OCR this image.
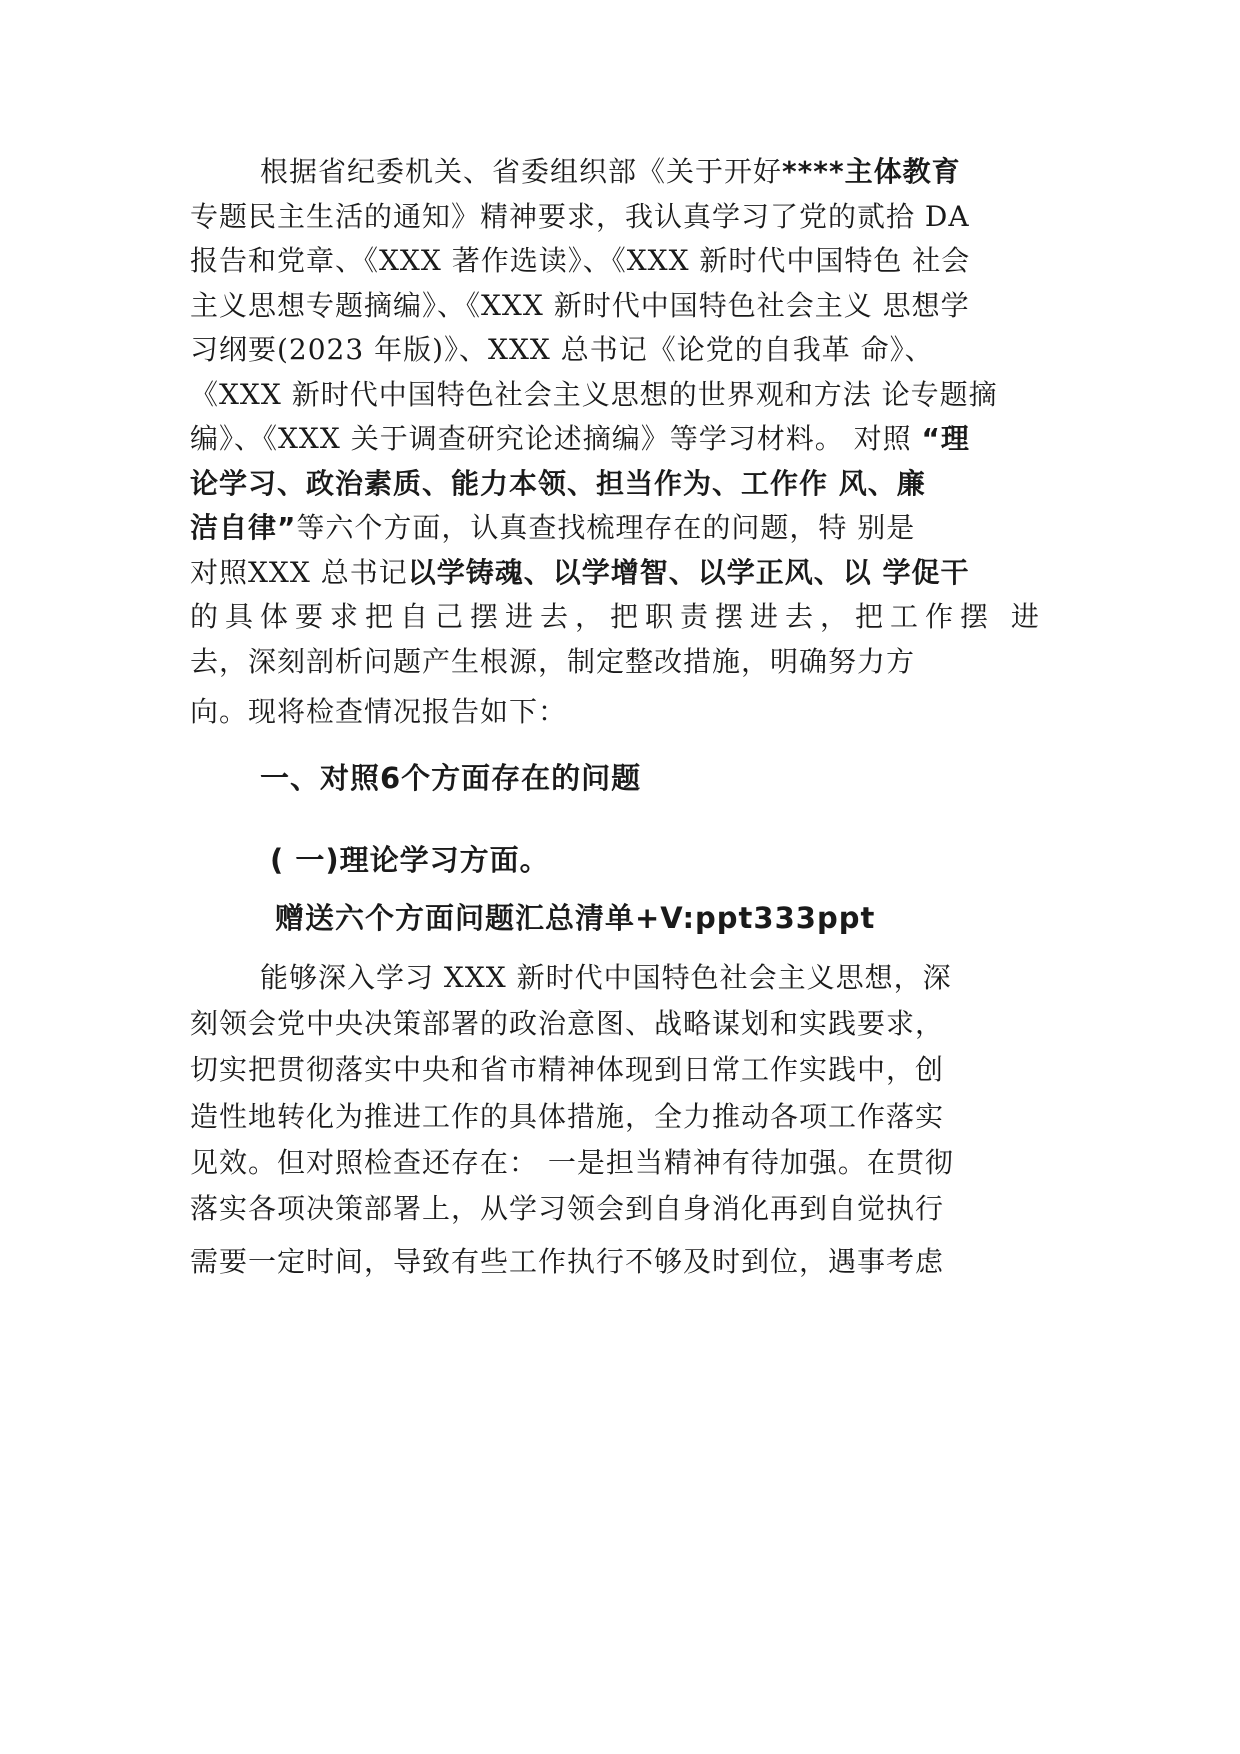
根据省纪委机关、省委组织部《关于开好****主体教育
专题民主生活的通知》精神要求，我认真学习了党的贰拾 DA
报告和党章、《XXX 著作选读》、《XXX 新时代中国特色 社会
主义思想专题摘编》、《XXX 新时代中国特色社会主义 思想学
习纲要(2023 年版)》、XXX 总书记《论党的自我革 命》、
《XXX 新时代中国特色社会主义思想的世界观和方法 论专题摘
编》、《XXX 关于调查研究论述摘编》等学习材料。 对照 “理
论学习、政治素质、能力本领、担当作为、工作作 风、廉
洁自律”等六个方面，认真查找梳理存在的问题，特 别是
对照XXX 总书记以学铸魂、以学增智、以学正风、以 学促干
的具体要求把自己摆进去，把职责摆进去，把工作摆 进
去，深刻剖析问题产生根源，制定整改措施，明确努力方
向。现将检查情况报告如下：
一、对照6个方面存在的问题
( 一)理论学习方面。
赠送六个方面问题汇总清单+V:ppt333ppt
能够深入学习 XXX 新时代中国特色社会主义思想，深
刻领会党中央决策部署的政治意图、战略谋划和实践要求，
切实把贯彻落实中央和省市精神体现到日常工作实践中，创
造性地转化为推进工作的具体措施，全力推动各项工作落实
见效。但对照检查还存在： 一是担当精神有待加强。在贯彻
落实各项决策部署上，从学习领会到自身消化再到自觉执行
需要一定时间，导致有些工作执行不够及时到位，遇事考虑
